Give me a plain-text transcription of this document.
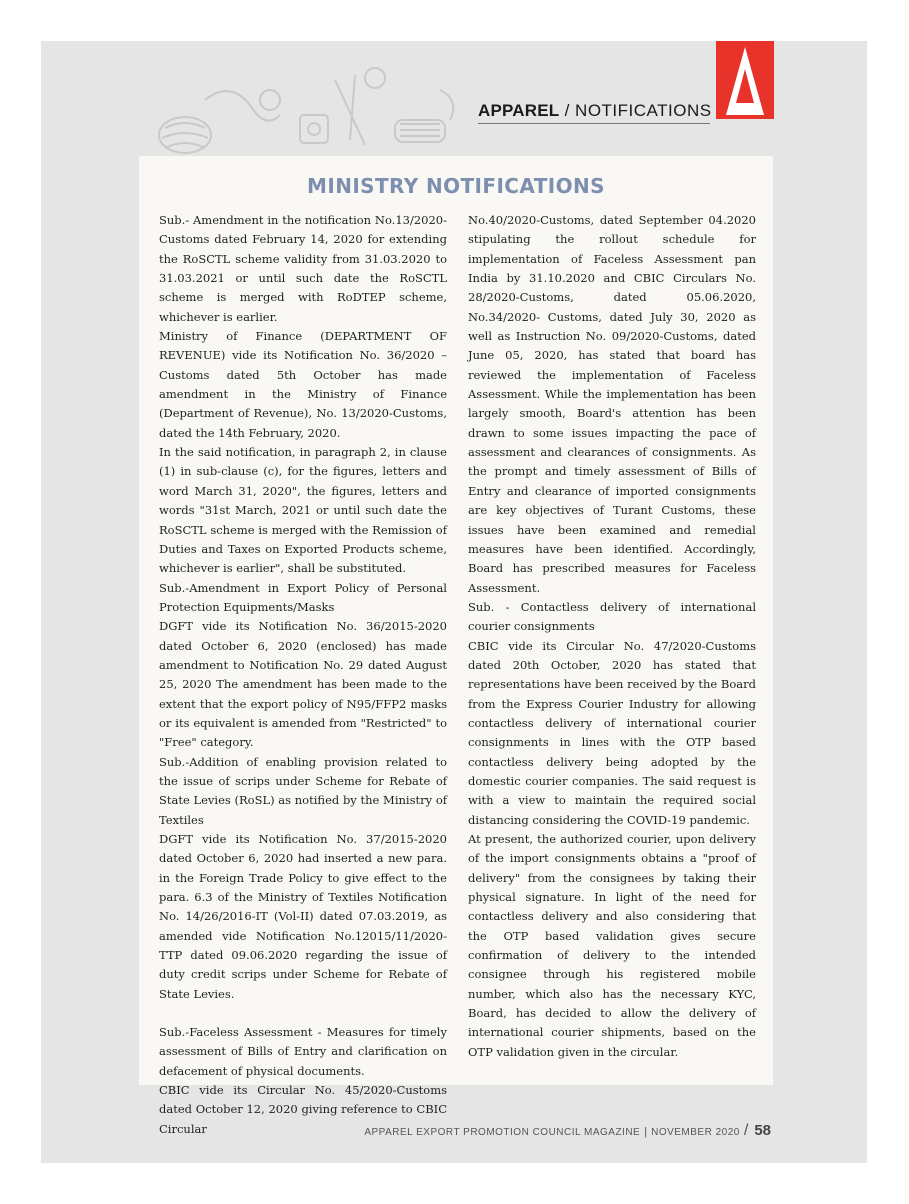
APPAREL / NOTIFICATIONS
MINISTRY NOTIFICATIONS

Sub.- Amendment in the notification No.13/2020-Customs dated February 14, 2020 for extending the RoSCTL scheme validity from 31.03.2020 to 31.03.2021 or until such date the RoSCTL scheme is merged with RoDTEP scheme, whichever is earlier.

Ministry of Finance (DEPARTMENT OF REVENUE) vide its Notification No. 36/2020 – Customs dated 5th October has made amendment in the Ministry of Finance (Department of Revenue), No. 13/2020-Customs, dated the 14th February, 2020.

In the said notification, in paragraph 2, in clause (1) in sub-clause (c), for the figures, letters and word March 31, 2020", the figures, letters and words "31st March, 2021 or until such date the RoSCTL scheme is merged with the Remission of Duties and Taxes on Exported Products scheme, whichever is earlier", shall be substituted.

Sub.-Amendment in Export Policy of Personal Protection Equipments/Masks

DGFT vide its Notification No. 36/2015-2020 dated October 6, 2020 (enclosed) has made amendment to Notification No. 29 dated August 25, 2020 The amendment has been made to the extent that the export policy of N95/FFP2 masks or its equivalent is amended from "Restricted" to "Free" category.

Sub.-Addition of enabling provision related to the issue of scrips under Scheme for Rebate of State Levies (RoSL) as notified by the Ministry of Textiles

DGFT vide its Notification No. 37/2015-2020 dated October 6, 2020 had inserted a new para. in the Foreign Trade Policy to give effect to the para. 6.3 of the Ministry of Textiles Notification No. 14/26/2016-IT (Vol-II) dated 07.03.2019, as amended vide Notification No.12015/11/2020-TTP dated 09.06.2020 regarding the issue of duty credit scrips under Scheme for Rebate of State Levies.

Sub.-Faceless Assessment - Measures for timely assessment of Bills of Entry and clarification on defacement of physical documents.

CBIC vide its Circular No. 45/2020-Customs dated October 12, 2020 giving reference to CBIC Circular

No.40/2020-Customs, dated September 04.2020 stipulating the rollout schedule for implementation of Faceless Assessment pan India by 31.10.2020 and CBIC Circulars No. 28/2020-Customs, dated 05.06.2020, No.34/2020- Customs, dated July 30, 2020 as well as Instruction No. 09/2020-Customs, dated June 05, 2020, has stated that board has reviewed the implementation of Faceless Assessment. While the implementation has been largely smooth, Board's attention has been drawn to some issues impacting the pace of assessment and clearances of consignments. As the prompt and timely assessment of Bills of Entry and clearance of imported consignments are key objectives of Turant Customs, these issues have been examined and remedial measures have been identified. Accordingly, Board has prescribed measures for Faceless Assessment.

Sub. - Contactless delivery of international courier consignments

CBIC vide its Circular No. 47/2020-Customs dated 20th October, 2020 has stated that representations have been received by the Board from the Express Courier Industry for allowing contactless delivery of international courier consignments in lines with the OTP based contactless delivery being adopted by the domestic courier companies. The said request is with a view to maintain the required social distancing considering the COVID-19 pandemic.

At present, the authorized courier, upon delivery of the import consignments obtains a "proof of delivery" from the consignees by taking their physical signature. In light of the need for contactless delivery and also considering that the OTP based validation gives secure confirmation of delivery to the intended consignee through his registered mobile number, which also has the necessary KYC, Board, has decided to allow the delivery of international courier shipments, based on the OTP validation given in the circular.

APPAREL EXPORT PROMOTION COUNCIL MAGAZINE | NOVEMBER 2020 / 58
